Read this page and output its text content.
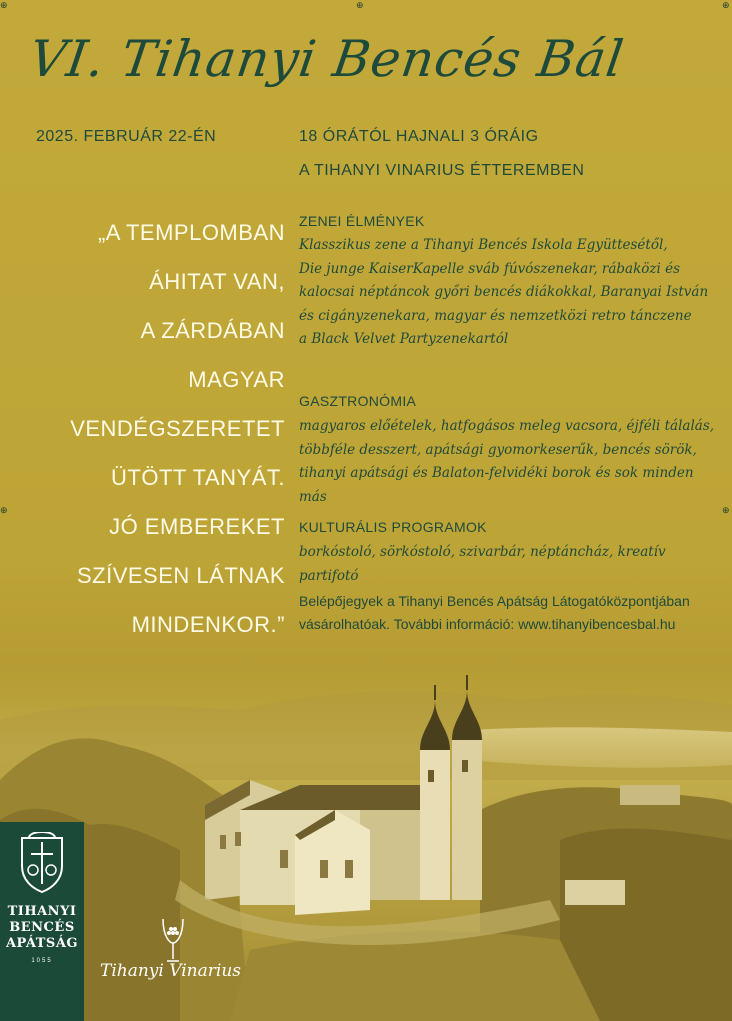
⊕
⊕	⊕
⊕	⊕
VI. Tihanyi Bencés Bál
2025. FEBRUÁR 22-ÉN	18 ÓRÁTÓL HAJNALI 3 ÓRÁIG
A TIHANYI VINARIUS ÉTTEREMBEN
„A TEMPLOMBAN
ÁHITAT VAN,
A ZÁRDÁBAN
MAGYAR
VENDÉGSZERETET
ÜTÖTT TANYÁT.
JÓ EMBEREKET
SZÍVESEN LÁTNAK
MINDENKOR.”
ZENEI ÉLMÉNYEK
Klasszikus zene a Tihanyi Bencés Iskola Együttesétől,
Die junge KaiserKapelle sváb fúvószenekar, rábaközi és
kalocsai néptáncok győri bencés diákokkal, Baranyai István
és cigányzenekara, magyar és nemzetközi retro tánczene
a Black Velvet Partyzenekartól
GASZTRONÓMIA
magyaros előételek, hatfogásos meleg vacsora, éjféli tálalás,
többféle desszert, apátsági gyomorkeserűk, bencés sörök,
tihanyi apátsági és Balaton-felvidéki borok és sok minden más
KULTURÁLIS PROGRAMOK
borkóstoló, sörkóstoló, szivarbár, néptáncház, kreatív partifotó
Belépőjegyek a Tihanyi Bencés Apátság Látogatóközpontjában
vásárolhatóak. További információ: www.tihanyibencesbal.hu
TIHANYI
BENCÉS
APÁTSÁG
1055	Tihanyi Vinarius
